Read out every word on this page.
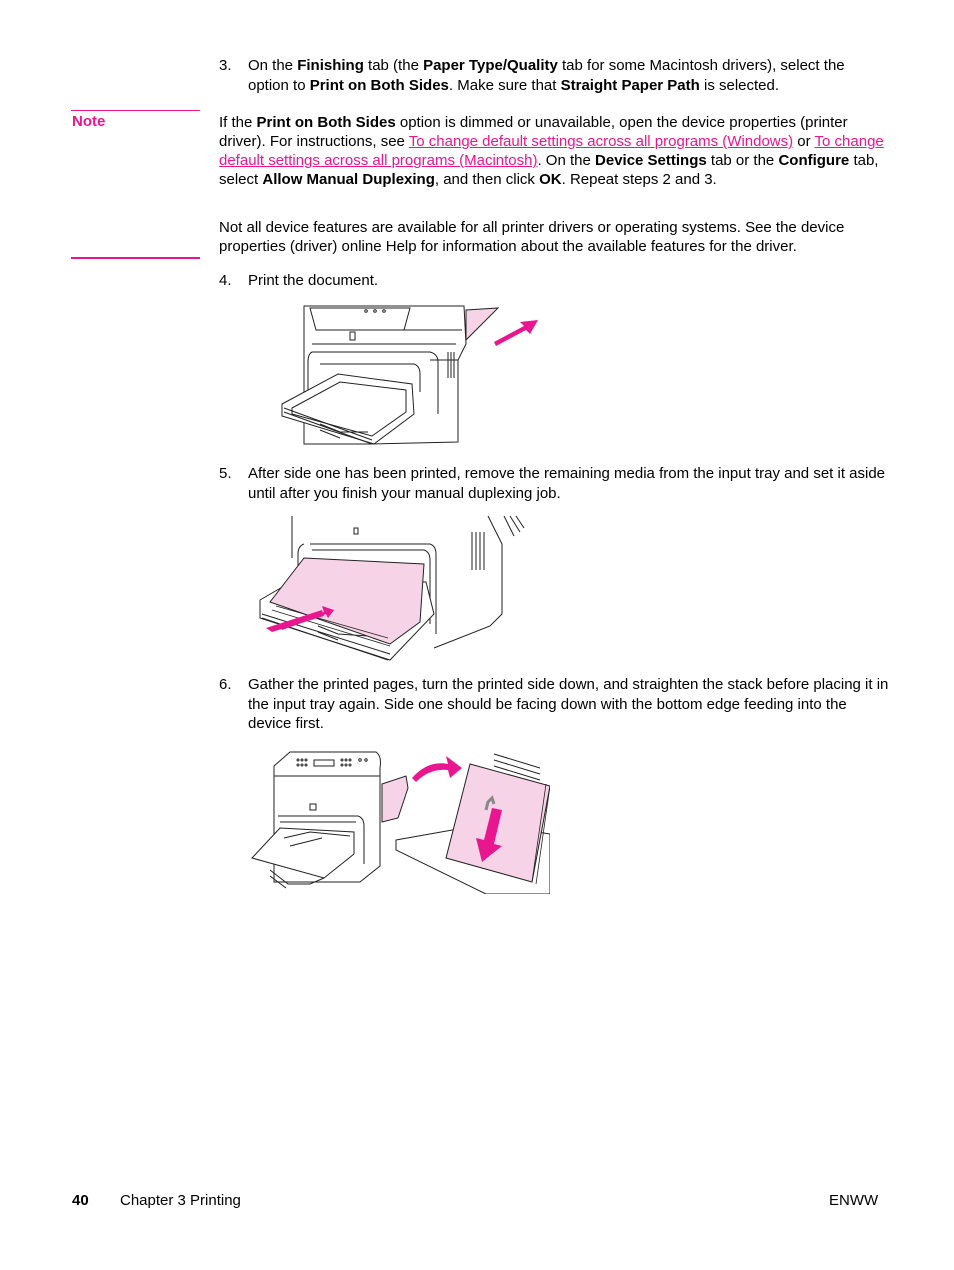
3. On the Finishing tab (the Paper Type/Quality tab for some Macintosh drivers), select the option to Print on Both Sides. Make sure that Straight Paper Path is selected.
Note	If the Print on Both Sides option is dimmed or unavailable, open the device properties (printer driver). For instructions, see To change default settings across all programs (Windows) or To change default settings across all programs (Macintosh). On the Device Settings tab or the Configure tab, select Allow Manual Duplexing, and then click OK. Repeat steps 2 and 3.
Not all device features are available for all printer drivers or operating systems. See the device properties (driver) online Help for information about the available features for the driver.
4. Print the document.
5. After side one has been printed, remove the remaining media from the input tray and set it aside until after you finish your manual duplexing job.
6. Gather the printed pages, turn the printed side down, and straighten the stack before placing it in the input tray again. Side one should be facing down with the bottom edge feeding into the device first.
40 Chapter 3 Printing	ENWW
